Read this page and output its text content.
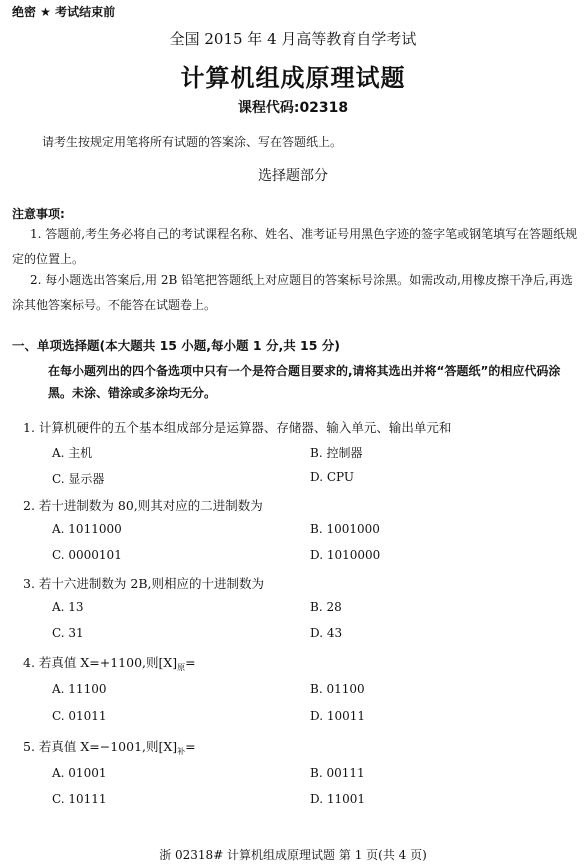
绝密 ★ 考试结束前
全国 2015 年 4 月高等教育自学考试
计算机组成原理试题
课程代码:02318
请考生按规定用笔将所有试题的答案涂、写在答题纸上。
选择题部分
注意事项:
1. 答题前,考生务必将自己的考试课程名称、姓名、准考证号用黑色字迹的签字笔或钢笔填写在答题纸规定的位置上。
2. 每小题选出答案后,用 2B 铅笔把答题纸上对应题目的答案标号涂黑。如需改动,用橡皮擦干净后,再选涂其他答案标号。不能答在试题卷上。
一、单项选择题(本大题共 15 小题,每小题 1 分,共 15 分)
在每小题列出的四个备选项中只有一个是符合题目要求的,请将其选出并将“答题纸”的相应代码涂黑。未涂、错涂或多涂均无分。
1. 计算机硬件的五个基本组成部分是运算器、存储器、输入单元、输出单元和
A. 主机	B. 控制器
C. 显示器	D. CPU
2. 若十进制数为 80,则其对应的二进制数为
A. 1011000	B. 1001000
C. 0000101	D. 1010000
3. 若十六进制数为 2B,则相应的十进制数为
A. 13	B. 28
C. 31	D. 43
4. 若真值 X=+1100,则$[X]_原=$
A. 11100	B. 01100
C. 01011	D. 10011
5. 若真值 X=−1001,则$[X]_补=$
A. 01001	B. 00111
C. 10111	D. 11001
浙 02318# 计算机组成原理试题 第 1 页(共 4 页)
